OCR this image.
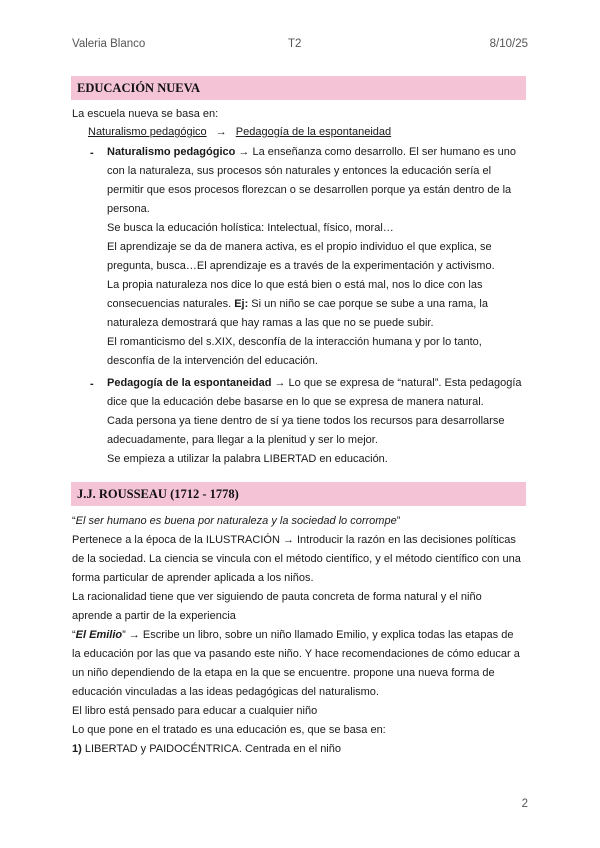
Valeria Blanco	T2	8/10/25
EDUCACIÓN NUEVA
La escuela nueva se basa en:
Naturalismo pedagógico → Pedagogía de la espontaneidad
- Naturalismo pedagógico → La enseñanza como desarrollo. El ser humano es uno
con la naturaleza, sus procesos són naturales y entonces la educación sería el
permitir que esos procesos florezcan o se desarrollen porque ya están dentro de la
persona.
Se busca la educación holística: Intelectual, físico, moral…
El aprendizaje se da de manera activa, es el propio individuo el que explica, se
pregunta, busca…El aprendizaje es a través de la experimentación y activismo.
La propia naturaleza nos dice lo que está bien o está mal, nos lo dice con las
consecuencias naturales. Ej: Si un niño se cae porque se sube a una rama, la
naturaleza demostrará que hay ramas a las que no se puede subir.
El romanticismo del s.XIX, desconfía de la interacción humana y por lo tanto,
desconfía de la intervención del educación.
- Pedagogía de la espontaneidad → Lo que se expresa de “natural”. Esta pedagogía
dice que la educación debe basarse en lo que se expresa de manera natural.
Cada persona ya tiene dentro de sí ya tiene todos los recursos para desarrollarse
adecuadamente, para llegar a la plenitud y ser lo mejor.
Se empieza a utilizar la palabra LIBERTAD en educación.
J.J. ROUSSEAU (1712 - 1778)
“El ser humano es buena por naturaleza y la sociedad lo corrompe”
Pertenece a la época de la ILUSTRACIÓN → Introducir la razón en las decisiones políticas
de la sociedad. La ciencia se vincula con el método científico, y el método científico con una
forma particular de aprender aplicada a los niños.
La racionalidad tiene que ver siguiendo de pauta concreta de forma natural y el niño
aprende a partir de la experiencia
“El Emilio” → Escribe un libro, sobre un niño llamado Emilio, y explica todas las etapas de
la educación por las que va pasando este niño. Y hace recomendaciones de cómo educar a
un niño dependiendo de la etapa en la que se encuentre. propone una nueva forma de
educación vinculadas a las ideas pedagógicas del naturalismo.
El libro está pensado para educar a cualquier niño
Lo que pone en el tratado es una educación es, que se basa en:
1) LIBERTAD y PAIDOCÉNTRICA. Centrada en el niño
2
